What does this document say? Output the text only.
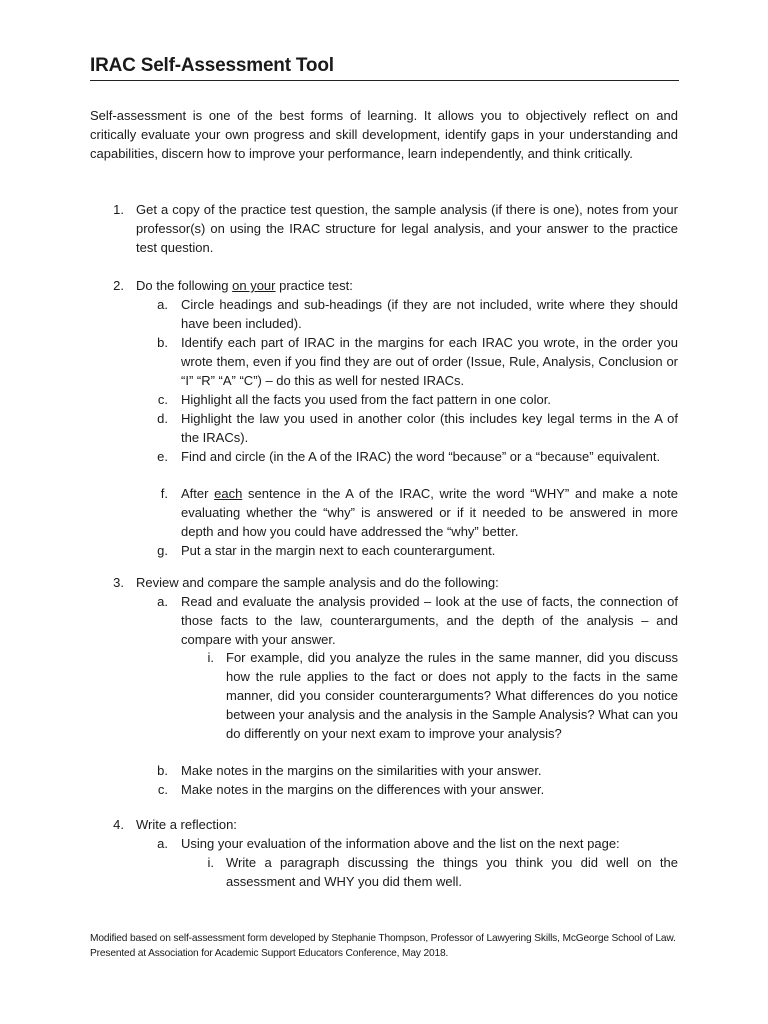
IRAC Self-Assessment Tool
Self-assessment is one of the best forms of learning. It allows you to objectively reflect on and critically evaluate your own progress and skill development, identify gaps in your understanding and capabilities, discern how to improve your performance, learn independently, and think critically.
1. Get a copy of the practice test question, the sample analysis (if there is one), notes from your professor(s) on using the IRAC structure for legal analysis, and your answer to the practice test question.
2. Do the following on your practice test:
a. Circle headings and sub-headings (if they are not included, write where they should have been included).
b. Identify each part of IRAC in the margins for each IRAC you wrote, in the order you wrote them, even if you find they are out of order (Issue, Rule, Analysis, Conclusion or “I” “R” “A” “C”) – do this as well for nested IRACs.
c. Highlight all the facts you used from the fact pattern in one color.
d. Highlight the law you used in another color (this includes key legal terms in the A of the IRACs).
e. Find and circle (in the A of the IRAC) the word “because” or a “because” equivalent.
f. After each sentence in the A of the IRAC, write the word “WHY” and make a note evaluating whether the “why” is answered or if it needed to be answered in more depth and how you could have addressed the “why” better.
g. Put a star in the margin next to each counterargument.
3. Review and compare the sample analysis and do the following:
a. Read and evaluate the analysis provided – look at the use of facts, the connection of those facts to the law, counterarguments, and the depth of the analysis – and compare with your answer.
i. For example, did you analyze the rules in the same manner, did you discuss how the rule applies to the fact or does not apply to the facts in the same manner, did you consider counterarguments? What differences do you notice between your analysis and the analysis in the Sample Analysis? What can you do differently on your next exam to improve your analysis?
b. Make notes in the margins on the similarities with your answer.
c. Make notes in the margins on the differences with your answer.
4. Write a reflection:
a. Using your evaluation of the information above and the list on the next page:
i. Write a paragraph discussing the things you think you did well on the assessment and WHY you did them well.
Modified based on self-assessment form developed by Stephanie Thompson, Professor of Lawyering Skills, McGeorge School of Law. Presented at Association for Academic Support Educators Conference, May 2018.
